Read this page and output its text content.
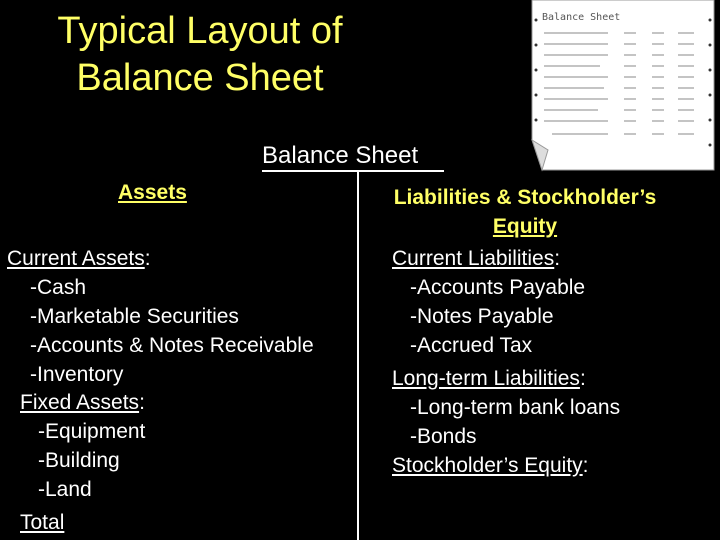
Typical Layout of
Balance Sheet
Balance Sheet
Balance Sheet
Assets
Current Assets:
-Cash
-Marketable Securities
-Accounts & Notes Receivable
-Inventory
Fixed Assets:
-Equipment
-Building
-Land
Total
Liabilities & Stockholder’s
Equity
Current Liabilities:
-Accounts Payable
-Notes Payable
-Accrued Tax
Long-term Liabilities:
-Long-term bank loans
-Bonds
Stockholder’s Equity:
